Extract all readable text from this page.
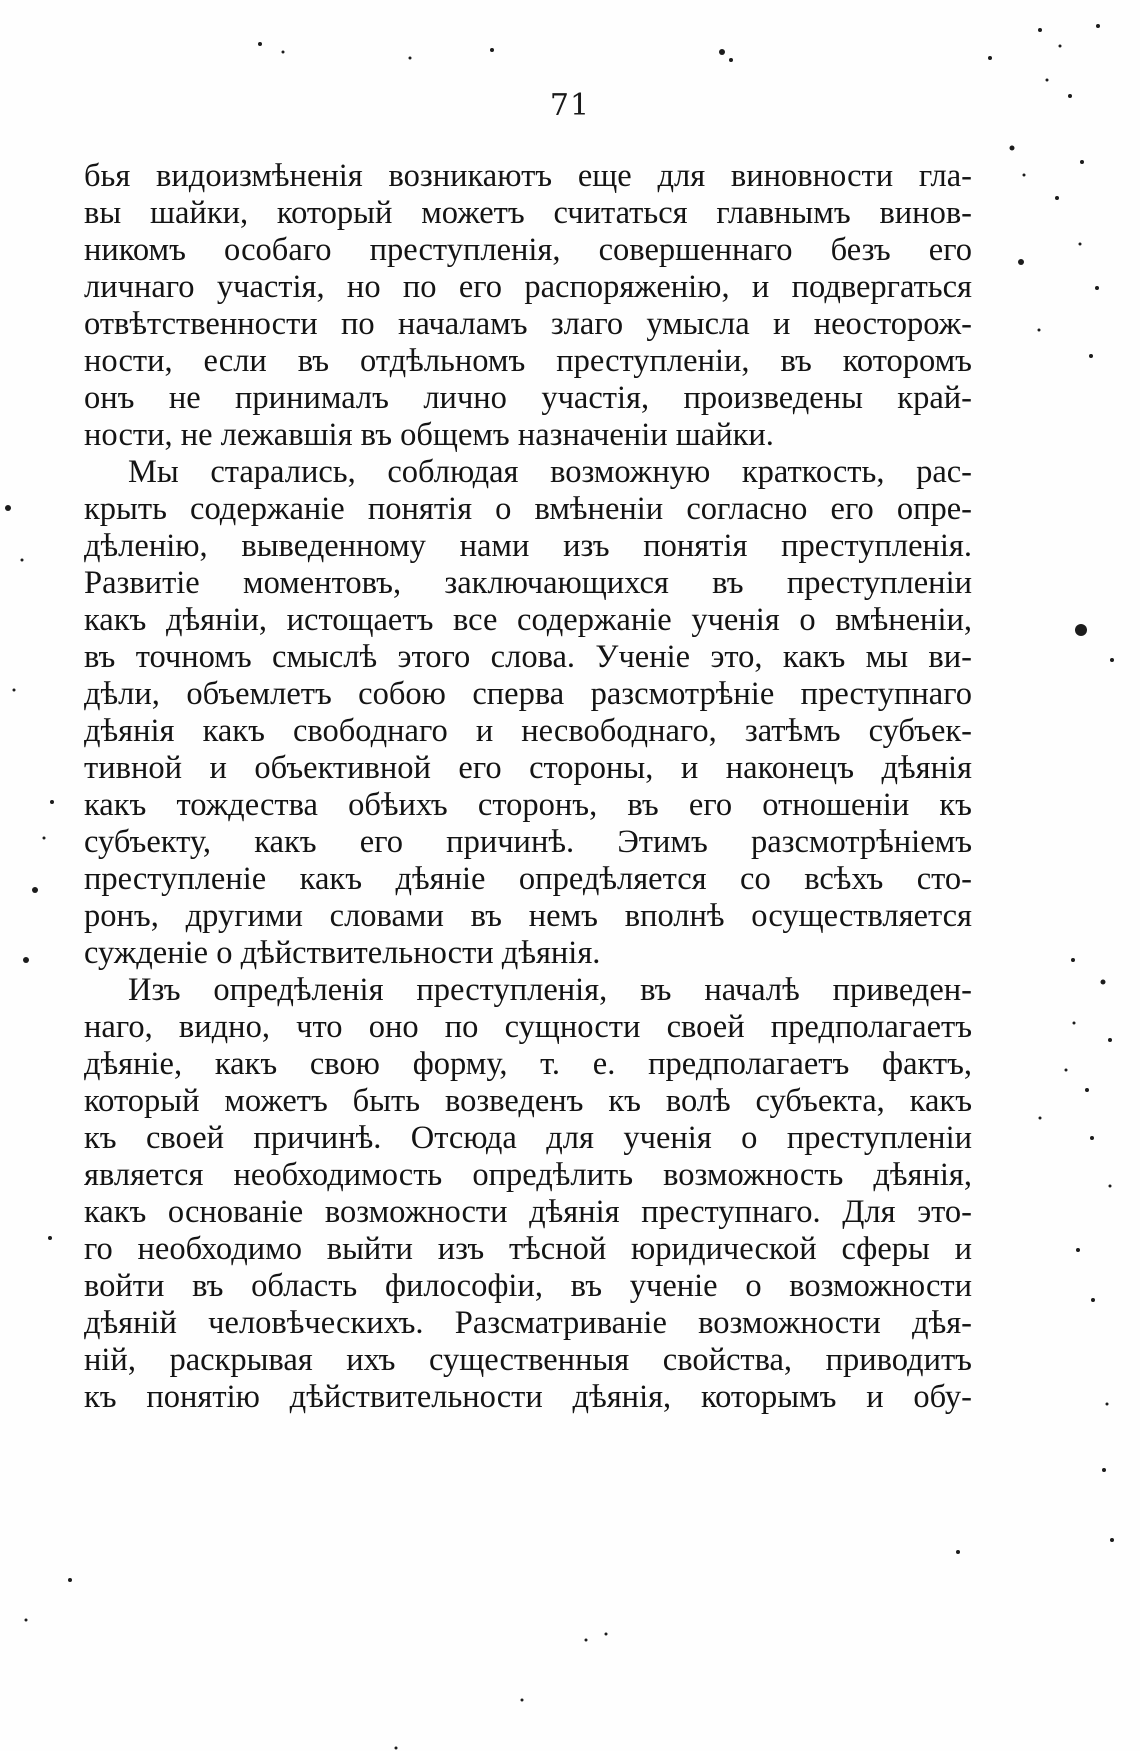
71
бья видоизмѣненія возникаютъ еще для виновности гла-
вы шайки, который можетъ считаться главнымъ винов-
никомъ особаго преступленія, совершеннаго безъ его
личнаго участія, но по его распоряженію, и подвергаться
отвѣтственности по началамъ злаго умысла и неосторож-
ности, если въ отдѣльномъ преступленіи, въ которомъ
онъ не принималъ лично участія, произведены край-
ности, не лежавшія въ общемъ назначеніи шайки.
Мы старались, соблюдая возможную краткость, рас-
крыть содержаніе понятія о вмѣненіи согласно его опре-
дѣленію, выведенному нами изъ понятія преступленія.
Развитіе моментовъ, заключающихся въ преступленіи
какъ дѣяніи, истощаетъ все содержаніе ученія о вмѣненіи,
въ точномъ смыслѣ этого слова. Ученіе это, какъ мы ви-
дѣли, объемлетъ собою сперва разсмотрѣніе преступнаго
дѣянія какъ свободнаго и несвободнаго, затѣмъ субъек-
тивной и объективной его стороны, и наконецъ дѣянія
какъ тождества обѣихъ сторонъ, въ его отношеніи къ
субъекту, какъ его причинѣ. Этимъ разсмотрѣніемъ
преступленіе какъ дѣяніе опредѣляется со всѣхъ сто-
ронъ, другими словами въ немъ вполнѣ осуществляется
сужденіе о дѣйствительности дѣянія.
Изъ опредѣленія преступленія, въ началѣ приведен-
наго, видно, что оно по сущности своей предполагаетъ
дѣяніе, какъ свою форму, т. е. предполагаетъ фактъ,
который можетъ быть возведенъ къ волѣ субъекта, какъ
къ своей причинѣ. Отсюда для ученія о преступленіи
является необходимость опредѣлить возможность дѣянія,
какъ основаніе возможности дѣянія преступнаго. Для это-
го необходимо выйти изъ тѣсной юридической сферы и
войти въ область философіи, въ ученіе о возможности
дѣяній человѣческихъ. Разсматриваніе возможности дѣя-
ній, раскрывая ихъ существенныя свойства, приводитъ
къ понятію дѣйствительности дѣянія, которымъ и обу-
